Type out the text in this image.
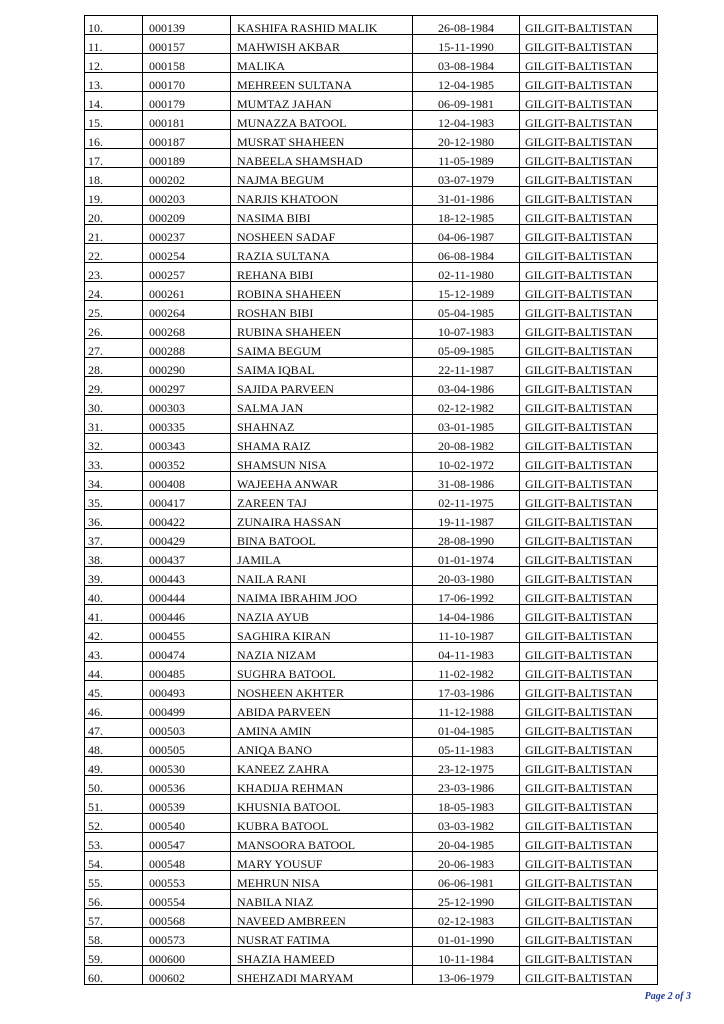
10.	000139	KASHIFA RASHID MALIK	26-08-1984	GILGIT-BALTISTAN
11.	000157	MAHWISH AKBAR	15-11-1990	GILGIT-BALTISTAN
12.	000158	MALIKA	03-08-1984	GILGIT-BALTISTAN
13.	000170	MEHREEN SULTANA	12-04-1985	GILGIT-BALTISTAN
14.	000179	MUMTAZ JAHAN	06-09-1981	GILGIT-BALTISTAN
15.	000181	MUNAZZA BATOOL	12-04-1983	GILGIT-BALTISTAN
16.	000187	MUSRAT SHAHEEN	20-12-1980	GILGIT-BALTISTAN
17.	000189	NABEELA SHAMSHAD	11-05-1989	GILGIT-BALTISTAN
18.	000202	NAJMA BEGUM	03-07-1979	GILGIT-BALTISTAN
19.	000203	NARJIS KHATOON	31-01-1986	GILGIT-BALTISTAN
20.	000209	NASIMA BIBI	18-12-1985	GILGIT-BALTISTAN
21.	000237	NOSHEEN SADAF	04-06-1987	GILGIT-BALTISTAN
22.	000254	RAZIA SULTANA	06-08-1984	GILGIT-BALTISTAN
23.	000257	REHANA BIBI	02-11-1980	GILGIT-BALTISTAN
24.	000261	ROBINA SHAHEEN	15-12-1989	GILGIT-BALTISTAN
25.	000264	ROSHAN BIBI	05-04-1985	GILGIT-BALTISTAN
26.	000268	RUBINA SHAHEEN	10-07-1983	GILGIT-BALTISTAN
27.	000288	SAIMA BEGUM	05-09-1985	GILGIT-BALTISTAN
28.	000290	SAIMA IQBAL	22-11-1987	GILGIT-BALTISTAN
29.	000297	SAJIDA PARVEEN	03-04-1986	GILGIT-BALTISTAN
30.	000303	SALMA JAN	02-12-1982	GILGIT-BALTISTAN
31.	000335	SHAHNAZ	03-01-1985	GILGIT-BALTISTAN
32.	000343	SHAMA RAIZ	20-08-1982	GILGIT-BALTISTAN
33.	000352	SHAMSUN NISA	10-02-1972	GILGIT-BALTISTAN
34.	000408	WAJEEHA ANWAR	31-08-1986	GILGIT-BALTISTAN
35.	000417	ZAREEN TAJ	02-11-1975	GILGIT-BALTISTAN
36.	000422	ZUNAIRA HASSAN	19-11-1987	GILGIT-BALTISTAN
37.	000429	BINA BATOOL	28-08-1990	GILGIT-BALTISTAN
38.	000437	JAMILA	01-01-1974	GILGIT-BALTISTAN
39.	000443	NAILA RANI	20-03-1980	GILGIT-BALTISTAN
40.	000444	NAIMA IBRAHIM JOO	17-06-1992	GILGIT-BALTISTAN
41.	000446	NAZIA AYUB	14-04-1986	GILGIT-BALTISTAN
42.	000455	SAGHIRA KIRAN	11-10-1987	GILGIT-BALTISTAN
43.	000474	NAZIA NIZAM	04-11-1983	GILGIT-BALTISTAN
44.	000485	SUGHRA BATOOL	11-02-1982	GILGIT-BALTISTAN
45.	000493	NOSHEEN AKHTER	17-03-1986	GILGIT-BALTISTAN
46.	000499	ABIDA PARVEEN	11-12-1988	GILGIT-BALTISTAN
47.	000503	AMINA AMIN	01-04-1985	GILGIT-BALTISTAN
48.	000505	ANIQA BANO	05-11-1983	GILGIT-BALTISTAN
49.	000530	KANEEZ ZAHRA	23-12-1975	GILGIT-BALTISTAN
50.	000536	KHADIJA REHMAN	23-03-1986	GILGIT-BALTISTAN
51.	000539	KHUSNIA BATOOL	18-05-1983	GILGIT-BALTISTAN
52.	000540	KUBRA BATOOL	03-03-1982	GILGIT-BALTISTAN
53.	000547	MANSOORA BATOOL	20-04-1985	GILGIT-BALTISTAN
54.	000548	MARY YOUSUF	20-06-1983	GILGIT-BALTISTAN
55.	000553	MEHRUN NISA	06-06-1981	GILGIT-BALTISTAN
56.	000554	NABILA NIAZ	25-12-1990	GILGIT-BALTISTAN
57.	000568	NAVEED AMBREEN	02-12-1983	GILGIT-BALTISTAN
58.	000573	NUSRAT FATIMA	01-01-1990	GILGIT-BALTISTAN
59.	000600	SHAZIA HAMEED	10-11-1984	GILGIT-BALTISTAN
60.	000602	SHEHZADI MARYAM	13-06-1979	GILGIT-BALTISTAN
Page 2 of 3
